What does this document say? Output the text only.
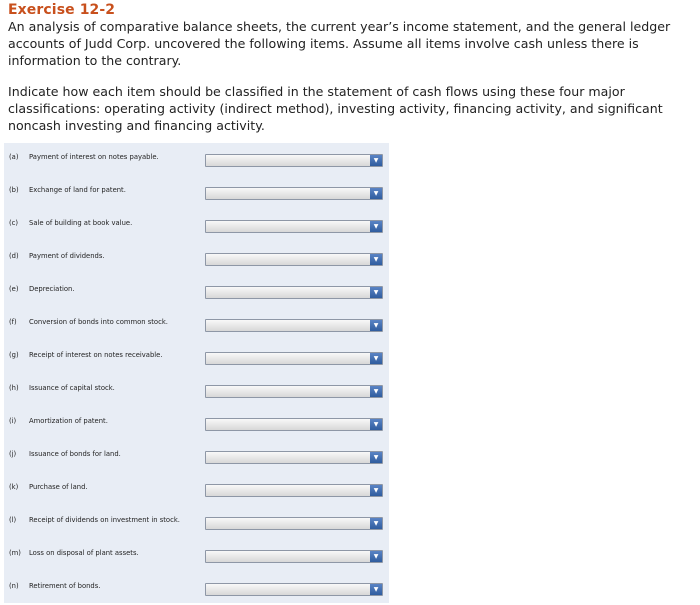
Exercise 12-2
An analysis of comparative balance sheets, the current year’s income statement, and the general ledger accounts of Judd Corp. uncovered the following items. Assume all items involve cash unless there is information to the contrary.
Indicate how each item should be classified in the statement of cash flows using these four major classifications: operating activity (indirect method), investing activity, financing activity, and significant noncash investing and financing activity.
(a) Payment of interest on notes payable.	▼
(b) Exchange of land for patent.	▼
(c) Sale of building at book value.	▼
(d) Payment of dividends.	▼
(e) Depreciation.	▼
(f) Conversion of bonds into common stock.	▼
(g) Receipt of interest on notes receivable.	▼
(h) Issuance of capital stock.	▼
(i) Amortization of patent.	▼
(j) Issuance of bonds for land.	▼
(k) Purchase of land.	▼
(l) Receipt of dividends on investment in stock.	▼
(m) Loss on disposal of plant assets.	▼
(n) Retirement of bonds.	▼
